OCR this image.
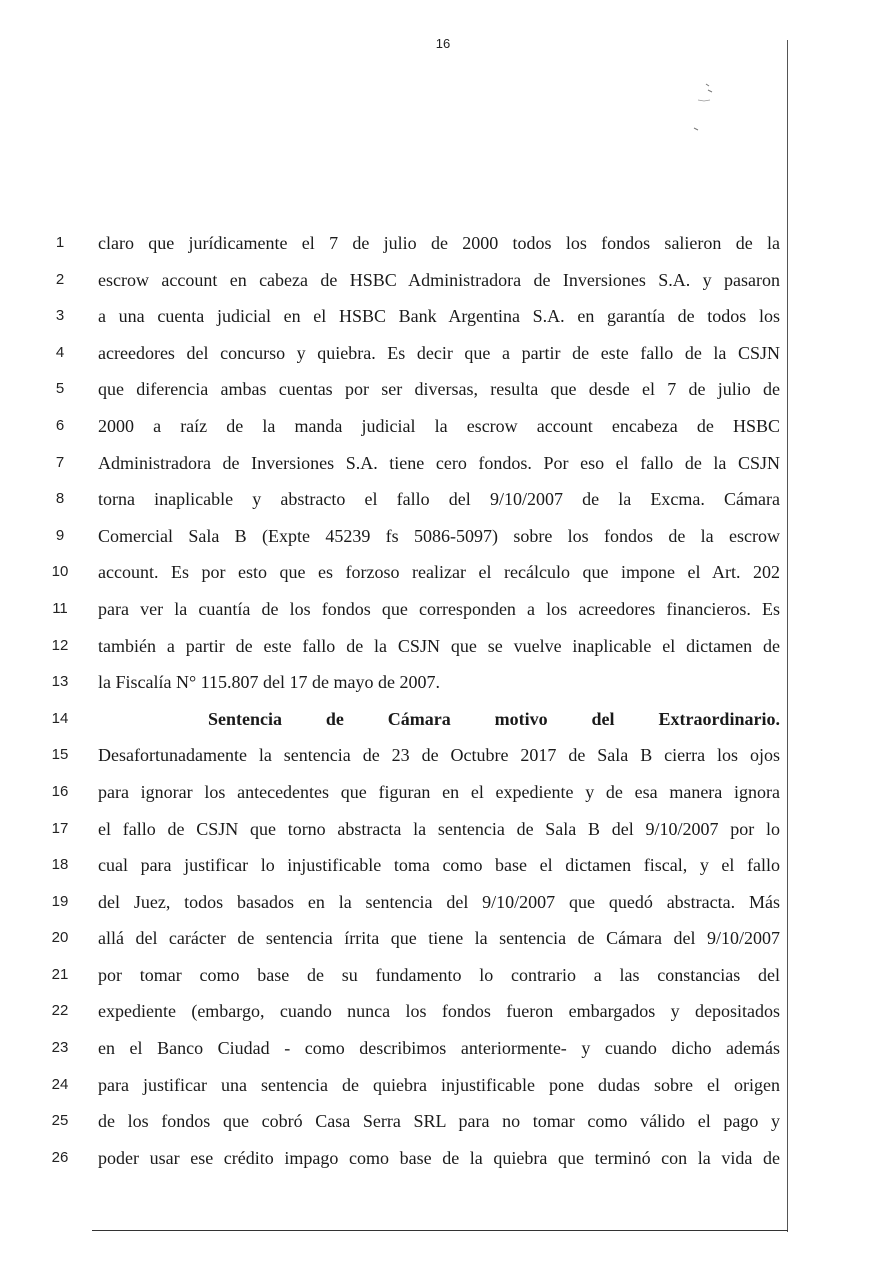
16
1
2
3
4
5
6
7
8
9
10
11
12
13
14
15
16
17
18
19
20
21
22
23
24
25
26
claro que jurídicamente el 7 de julio de 2000 todos los fondos salieron de la
escrow account en cabeza de HSBC Administradora de Inversiones S.A. y pasaron
a una cuenta judicial en el HSBC Bank Argentina S.A. en garantía de todos los
acreedores del concurso y quiebra. Es decir que a partir de este fallo de la CSJN
que diferencia ambas cuentas por ser diversas, resulta que desde el 7 de julio de
2000 a raíz de la manda judicial la escrow account encabeza de HSBC
Administradora de Inversiones S.A. tiene cero fondos. Por eso el fallo de la CSJN
torna inaplicable y abstracto el fallo del 9/10/2007 de la Excma. Cámara
Comercial Sala B (Expte 45239 fs 5086-5097) sobre los fondos de la escrow
account. Es por esto que es forzoso realizar el recálculo que impone el Art. 202
para ver la cuantía de los fondos que corresponden a los acreedores financieros. Es
también a partir de este fallo de la CSJN que se vuelve inaplicable el dictamen de
la Fiscalía N° 115.807 del 17 de mayo de 2007.
Sentencia de Cámara motivo del Extraordinario.
Desafortunadamente la sentencia de 23 de Octubre 2017 de Sala B cierra los ojos
para ignorar los antecedentes que figuran en el expediente y de esa manera ignora
el fallo de CSJN que torno abstracta la sentencia de Sala B del 9/10/2007 por lo
cual para justificar lo injustificable toma como base el dictamen fiscal, y el fallo
del Juez, todos basados en la sentencia del 9/10/2007 que quedó abstracta. Más
allá del carácter de sentencia írrita que tiene la sentencia de Cámara del 9/10/2007
por tomar como base de su fundamento lo contrario a las constancias del
expediente (embargo, cuando nunca los fondos fueron embargados y depositados
en el Banco Ciudad - como describimos anteriormente- y cuando dicho además
para justificar una sentencia de quiebra injustificable pone dudas sobre el origen
de los fondos que cobró Casa Serra SRL para no tomar como válido el pago y
poder usar ese crédito impago como base de la quiebra que terminó con la vida de
